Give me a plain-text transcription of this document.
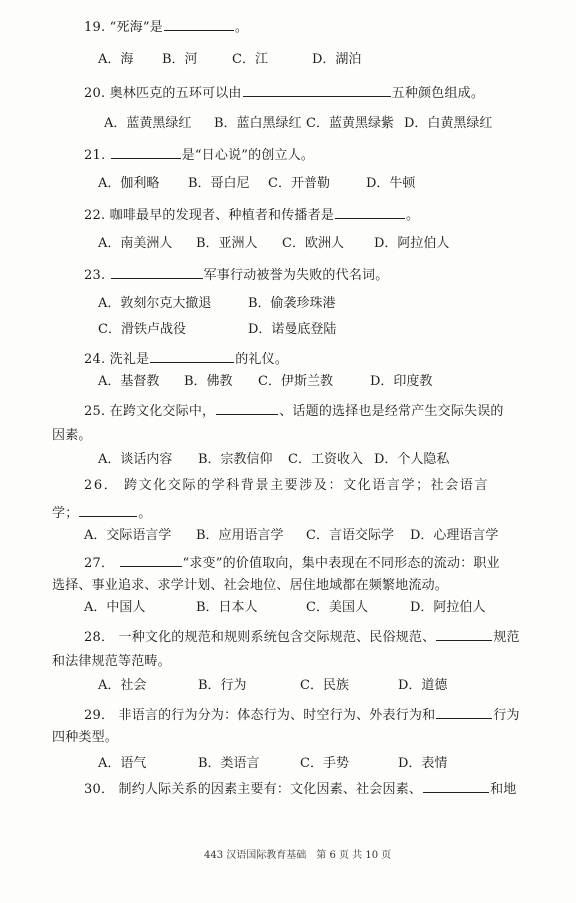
19. “死海”是	。
A．海 B．河	C．江	D．湖泊
20. 奥林匹克的五环可以由	五种颜色组成。
A．蓝黄黑绿红 B．蓝白黑绿红 C．蓝黄黑绿紫 D．白黄黑绿红
21.	是“日心说”的创立人。
A．伽利略 B．哥白尼 C．开普勒	D．牛顿
22. 咖啡最早的发现者、种植者和传播者是	。
A．南美洲人 B．亚洲人 C．欧洲人 D．阿拉伯人
23.	军事行动被誉为失败的代名词。
A．敦刻尔克大撤退	B．偷袭珍珠港
C．滑铁卢战役	D．诺曼底登陆
24. 洗礼是	的礼仪。
A．基督教 B．佛教 C．伊斯兰教	D．印度教
25. 在跨文化交际中，	、话题的选择也是经常产生交际失误的
因素。
A．谈话内容 B．宗教信仰 C．工资收入 D．个人隐私
26． 跨文化交际的学科背景主要涉及：文化语言学；社会语言
学；	。
A．交际语言学 B．应用语言学 C．言语交际学 D．心理语言学
27．	“求变”的价值取向，集中表现在不同形态的流动：职业
选择、事业追求、求学计划、社会地位、居住地域都在频繁地流动。
A．中国人	B．日本人	C．美国人	D．阿拉伯人
28． 一种文化的规范和规则系统包含交际规范、民俗规范、	规范
和法律规范等范畴。
A．社会	B．行为	C．民族	D．道德
29． 非语言的行为分为：体态行为、时空行为、外表行为和	行为
四种类型。
A．语气	B．类语言	C．手势	D．表情
30． 制约人际关系的因素主要有：文化因素、社会因素、	和地
443 汉语国际教育基础　第 6 页 共 10 页
